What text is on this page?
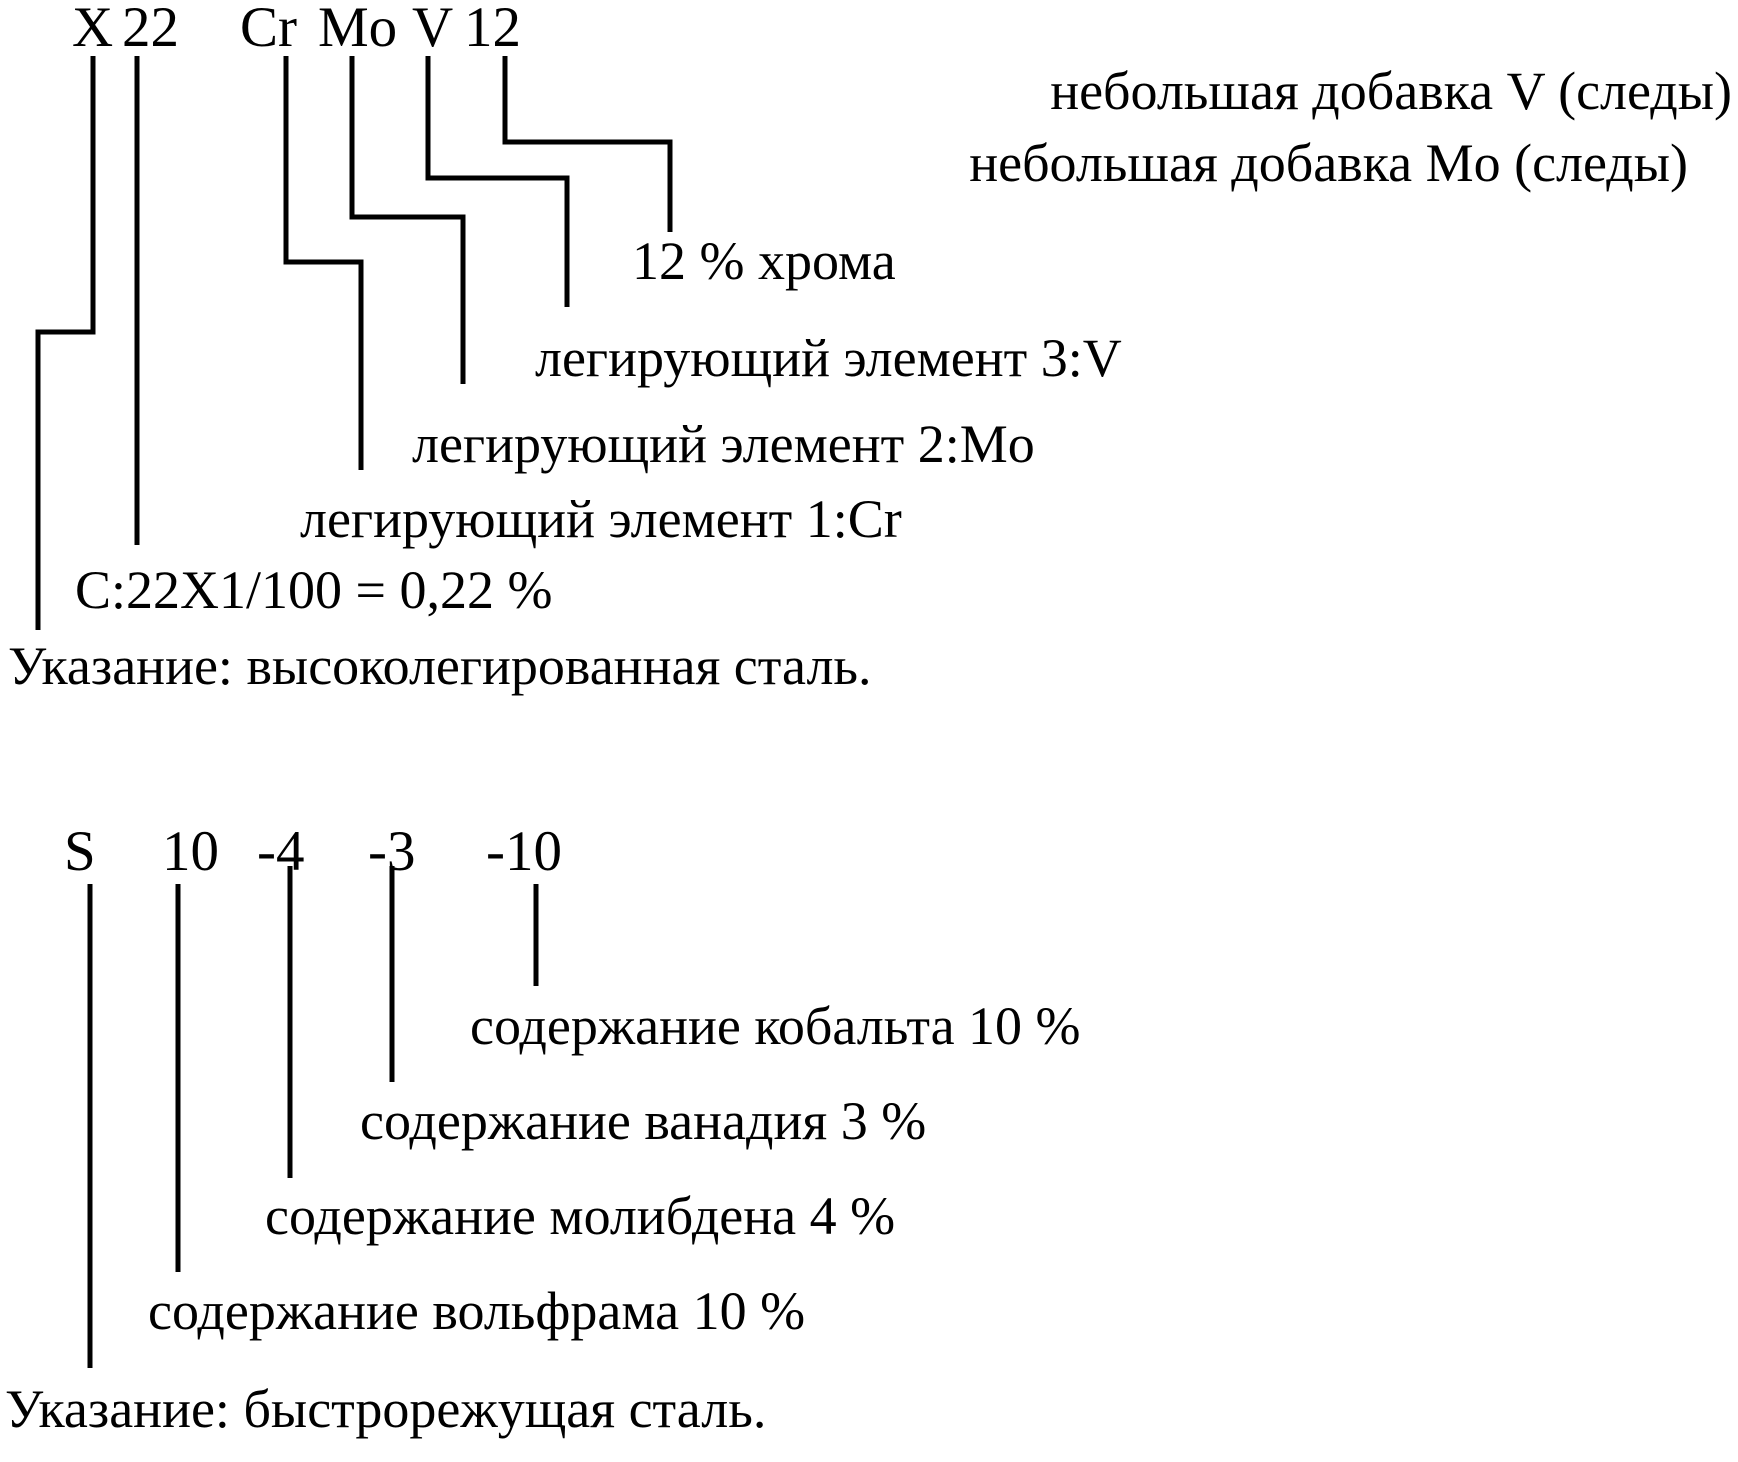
X 22 Cr Mo V 12
небольшая добавка V (следы)
небольшая добавка Mo (следы)
12 % хрома
легирующий элемент 3:V
легирующий элемент 2:Mo
легирующий элемент 1:Cr
C:22X1/100 = 0,22 %
Указание: высоколегированная сталь.
S 10 -4 -3 -10
содержание кобальта 10 %
содержание ванадия 3 %
содержание молибдена 4 %
содержание вольфрама 10 %
Указание: быстрорежущая сталь.
